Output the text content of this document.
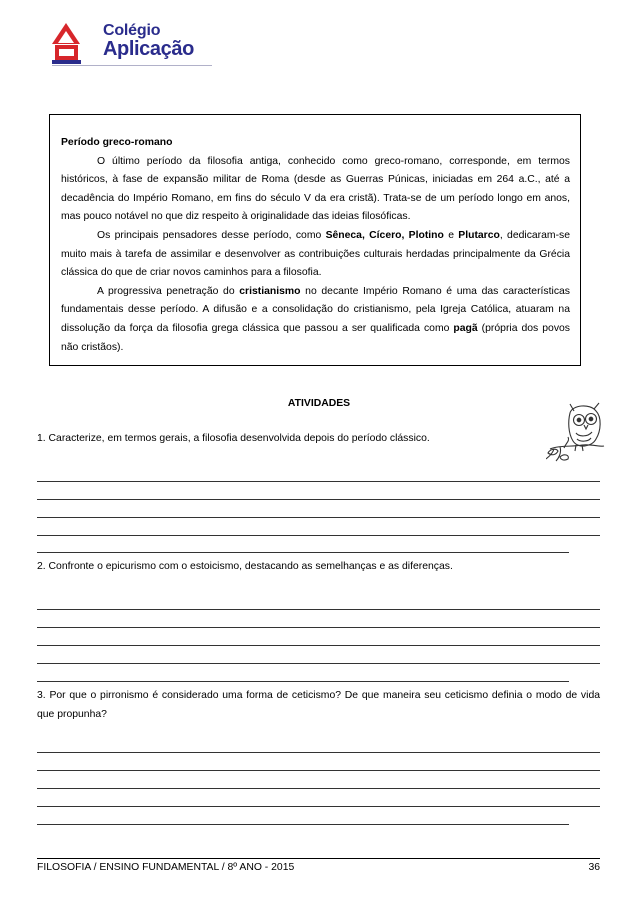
Colégio
Aplicação

Período greco-romano

O último período da filosofia antiga, conhecido como greco-romano, corresponde, em termos históricos, à fase de expansão militar de Roma (desde as Guerras Púnicas, iniciadas em 264 a.C., até a decadência do Império Romano, em fins do século V da era cristã). Trata-se de um período longo em anos, mas pouco notável no que diz respeito à originalidade das ideias filosóficas.

Os principais pensadores desse período, como Sêneca, Cícero, Plotino e Plutarco, dedicaram-se muito mais à tarefa de assimilar e desenvolver as contribuições culturais herdadas principalmente da Grécia clássica do que de criar novos caminhos para a filosofia.

A progressiva penetração do cristianismo no decante Império Romano é uma das características fundamentais desse período. A difusão e a consolidação do cristianismo, pela Igreja Católica, atuaram na dissolução da força da filosofia grega clássica que passou a ser qualificada como pagã (própria dos povos não cristãos).

ATIVIDADES
1. Caracterize, em termos gerais, a filosofia desenvolvida depois do período clássico.
2. Confronte o epicurismo com o estoicismo, destacando as semelhanças e as diferenças.
3. Por que o pirronismo é considerado uma forma de ceticismo? De que maneira seu ceticismo definia o modo de vida que propunha?
FILOSOFIA / ENSINO FUNDAMENTAL / 8º ANO - 2015	36
